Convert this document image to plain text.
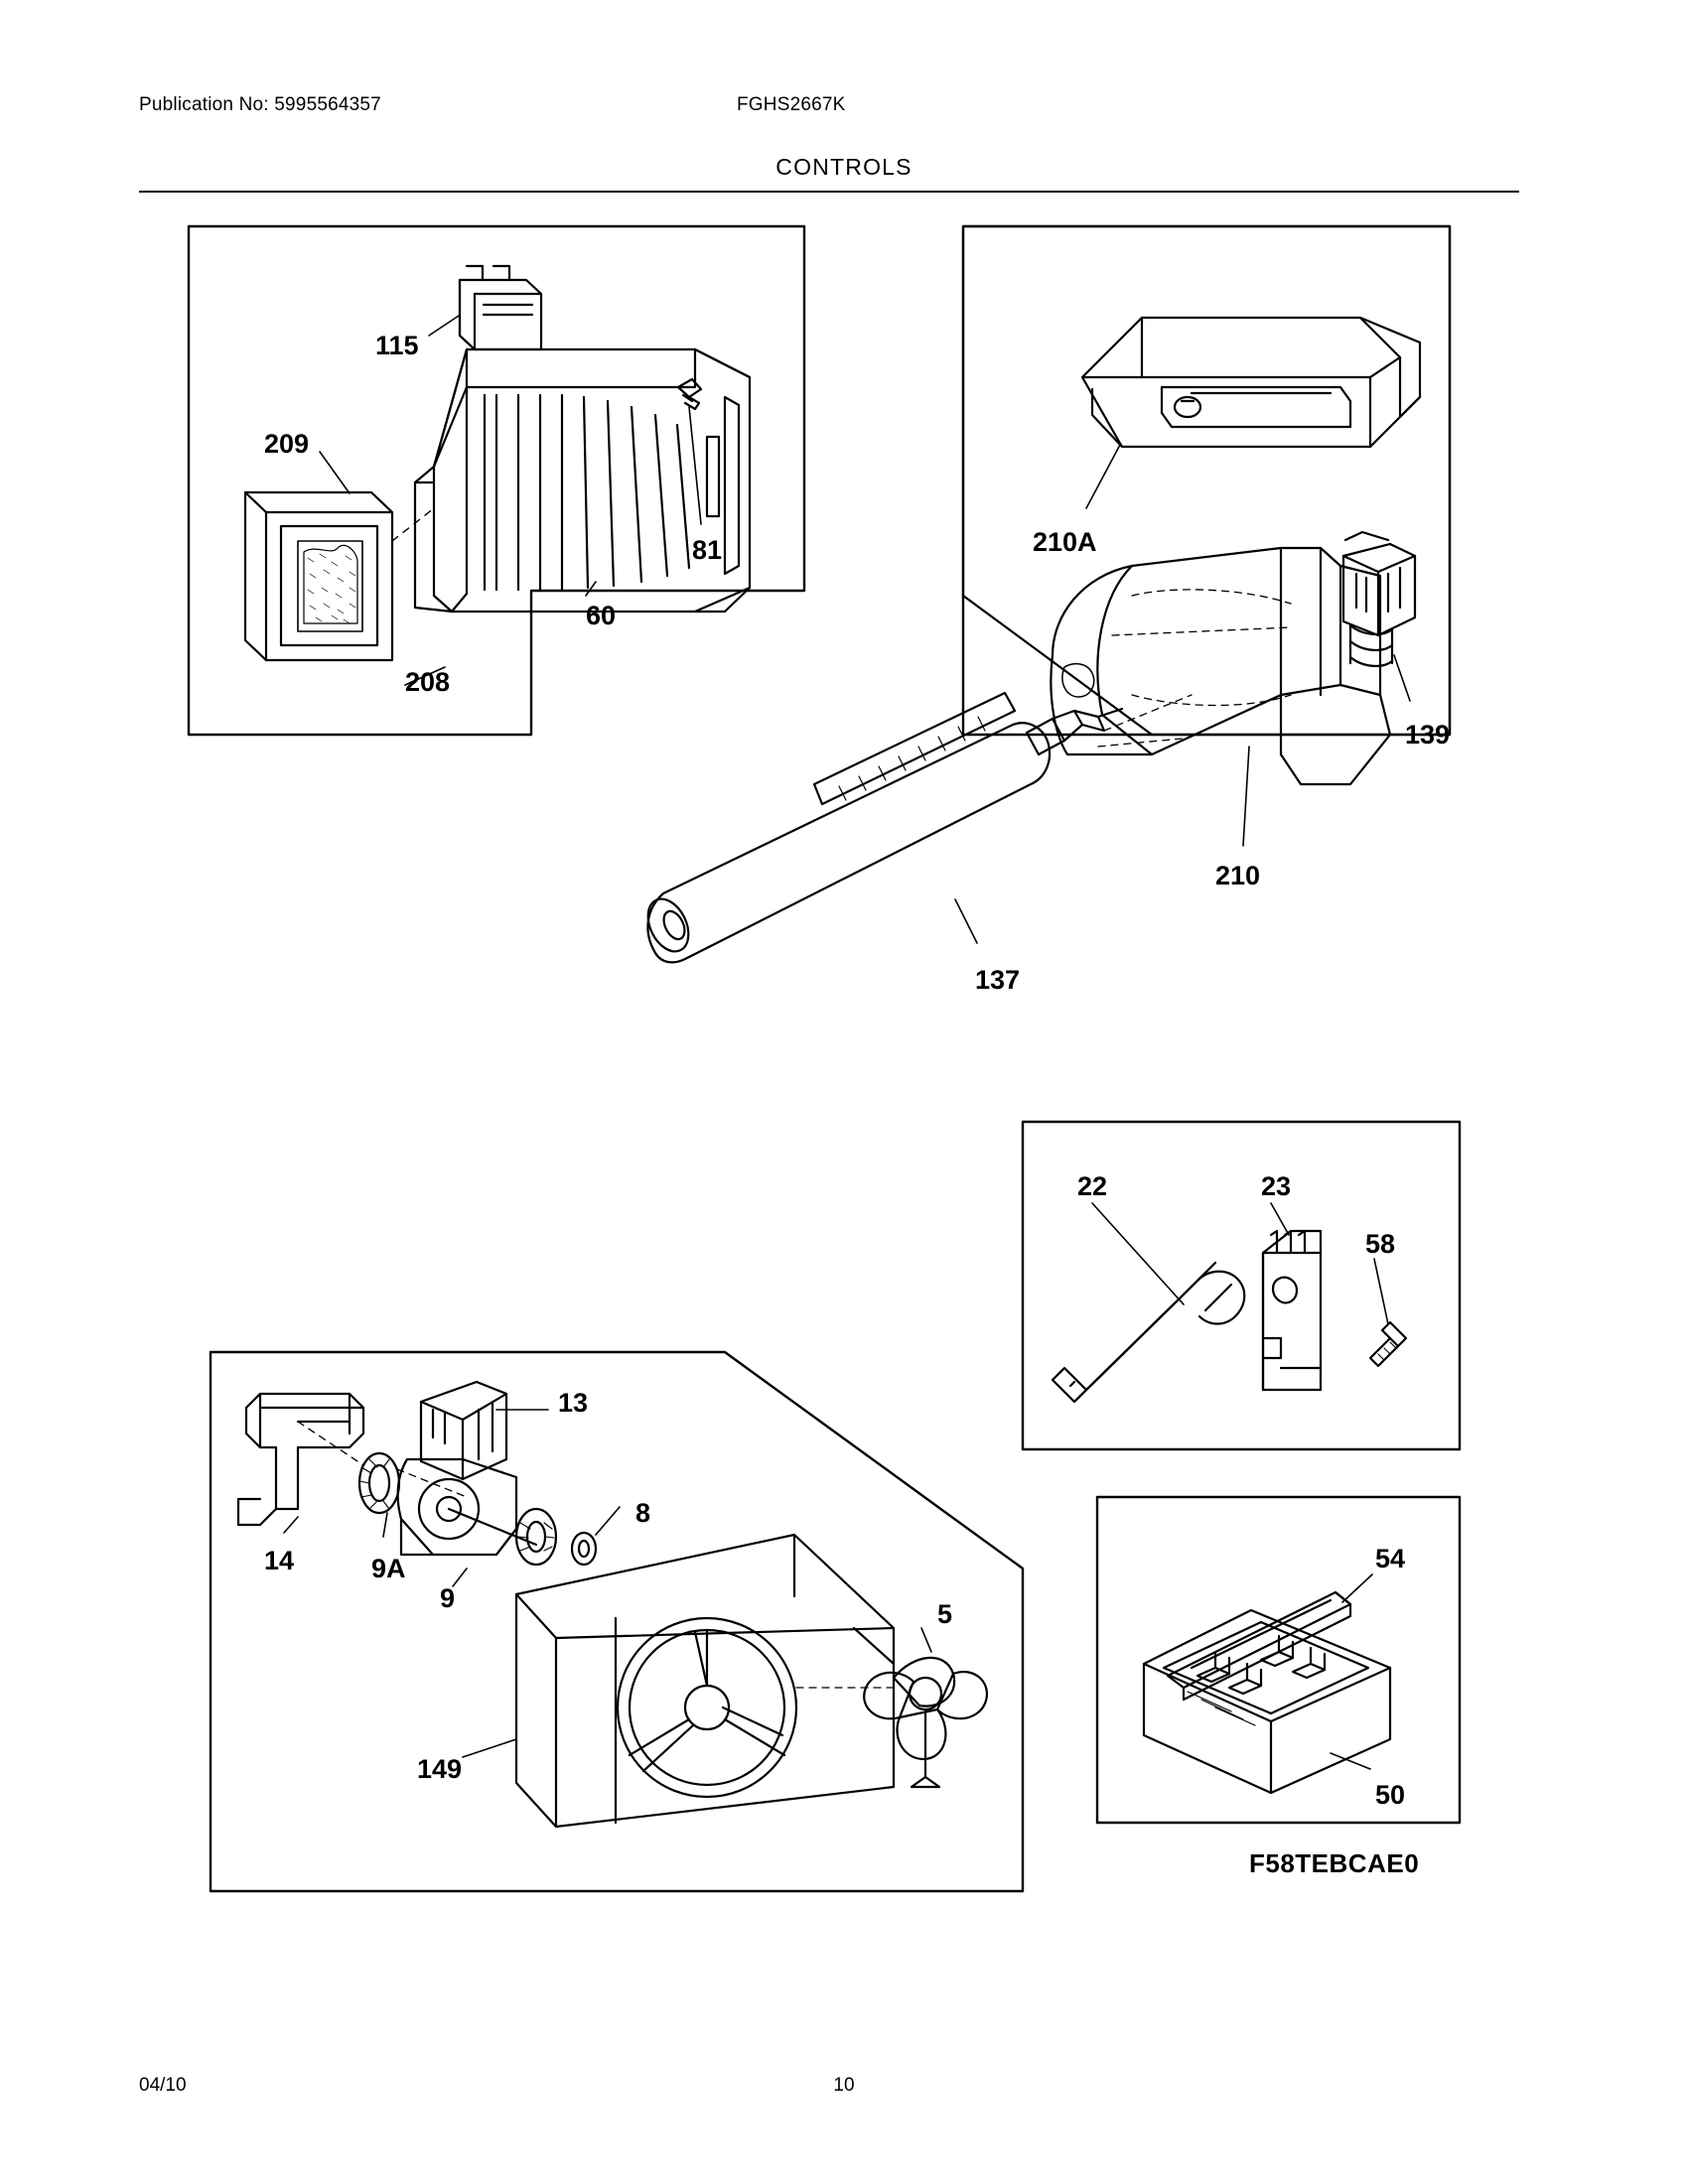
Publication No: 5995564357	FGHS2667K
CONTROLS
115
209
208
60
81	210A
139
210
137
22	23
58
13
8
14	9A
9
5
149
54
50
F58TEBCAE0
04/10	10
